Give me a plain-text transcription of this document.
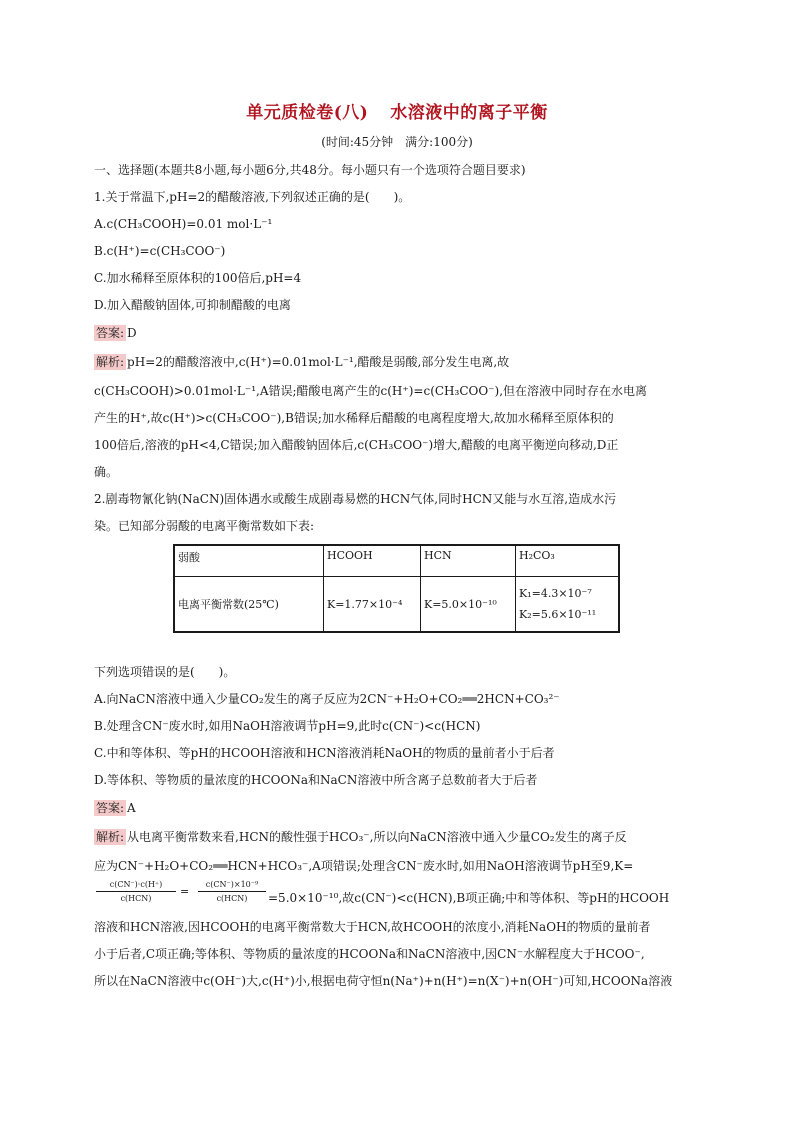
单元质检卷(八) 水溶液中的离子平衡
(时间:45分钟　满分:100分)
一、选择题(本题共8小题,每小题6分,共48分。每小题只有一个选项符合题目要求)
1.关于常温下,pH=2的醋酸溶液,下列叙述正确的是(　　)。
A.c(CH₃COOH)=0.01 mol·L⁻¹
B.c(H⁺)=c(CH₃COO⁻)
C.加水稀释至原体积的100倍后,pH=4
D.加入醋酸钠固体,可抑制醋酸的电离
答案: D
解析: pH=2的醋酸溶液中,c(H⁺)=0.01mol·L⁻¹,醋酸是弱酸,部分发生电离,故
c(CH₃COOH)>0.01mol·L⁻¹,A错误;醋酸电离产生的c(H⁺)=c(CH₃COO⁻),但在溶液中同时存在水电离
产生的H⁺,故c(H⁺)>c(CH₃COO⁻),B错误;加水稀释后醋酸的电离程度增大,故加水稀释至原体积的
100倍后,溶液的pH<4,C错误;加入醋酸钠固体后,c(CH₃COO⁻)增大,醋酸的电离平衡逆向移动,D正
确。
2.剧毒物氰化钠(NaCN)固体遇水或酸生成剧毒易燃的HCN气体,同时HCN又能与水互溶,造成水污
染。已知部分弱酸的电离平衡常数如下表:
弱酸	HCOOH	HCN	H₂CO₃
电离平衡常数(25℃)	K=1.77×10⁻⁴	K=5.0×10⁻¹⁰	K₁=4.3×10⁻⁷
K₂=5.6×10⁻¹¹
下列选项错误的是(　　)。
A.向NaCN溶液中通入少量CO₂发生的离子反应为2CN⁻+H₂O+CO₂══2HCN+CO₃²⁻
B.处理含CN⁻废水时,如用NaOH溶液调节pH=9,此时c(CN⁻)<c(HCN)
C.中和等体积、等pH的HCOOH溶液和HCN溶液消耗NaOH的物质的量前者小于后者
D.等体积、等物质的量浓度的HCOONa和NaCN溶液中所含离子总数前者大于后者
答案: A
解析: 从电离平衡常数来看,HCN的酸性强于HCO₃⁻,所以向NaCN溶液中通入少量CO₂发生的离子反
应为CN⁻+H₂O+CO₂══HCN+HCO₃⁻,A项错误;处理含CN⁻废水时,如用NaOH溶液调节pH至9,K=
c(CN⁻)·c(H⁺)
c(HCN)
=
c(CN⁻)×10⁻⁹
c(HCN)	=5.0×10⁻¹⁰,故c(CN⁻)<c(HCN),B项正确;中和等体积、等pH的HCOOH
溶液和HCN溶液,因HCOOH的电离平衡常数大于HCN,故HCOOH的浓度小,消耗NaOH的物质的量前者
小于后者,C项正确;等体积、等物质的量浓度的HCOONa和NaCN溶液中,因CN⁻水解程度大于HCOO⁻,
所以在NaCN溶液中c(OH⁻)大,c(H⁺)小,根据电荷守恒n(Na⁺)+n(H⁺)=n(X⁻)+n(OH⁻)可知,HCOONa溶液
